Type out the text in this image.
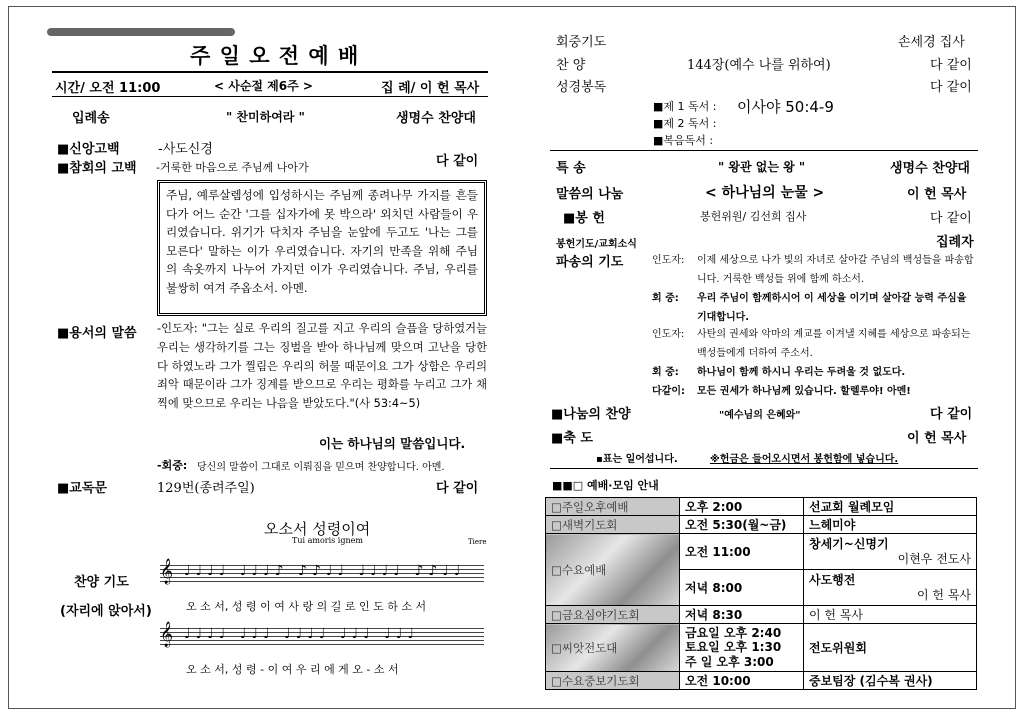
주 일 오 전 예 배
시간/ 오전 11:00	< 사순절 제6주 >	집 례/ 이 헌 목사
입례송	" 찬미하여라 "	생명수 찬양대
■신앙고백	-사도신경
■참회의 고백 -거룩한 마음으로 주님께 나아가	다 같이
주님, 예루살렘성에 입성하시는 주님께 종려나무 가지를 흔들다가 어느 순간 '그를 십자가에 못 박으라' 외치던 사람들이 우리였습니다. 위기가 닥치자 주님을 눈앞에 두고도 '나는 그를 모른다' 말하는 이가 우리였습니다. 자기의 만족을 위해 주님의 속옷까지 나누어 가지던 이가 우리였습니다. 주님, 우리를 불쌍히 여겨 주옵소서. 아멘.
■용서의 말씀 -인도자: "그는 실로 우리의 질고를 지고 우리의 슬픔을 당하였거늘 우리는 생각하기를 그는 징벌을 받아 하나님께 맞으며 고난을 당한다 하였노라 그가 찔림은 우리의 허물 때문이요 그가 상함은 우리의 죄악 때문이라 그가 징계를 받으므로 우리는 평화를 누리고 그가 채찍에 맞으므로 우리는 나음을 받았도다."(사 53:4~5)
이는 하나님의 말씀입니다.
-회중: 당신의 말씀이 그대로 이뤄짐을 믿으며 찬양합니다. 아멘.
■교독문	129번(종려주일)	다 같이
오소서 성령이여
Tui amoris ignem	Tiere
𝄞 ♩♩♩♩ ♩♩♩♪ ♪♪♩♩ ♩♩♩♩ ♪♪♩♩
오 소 서, 성 령 이 여 사 랑 의 길 로 인 도 하 소 서
𝄞 ♩♩♩♩ ♩♩♩ ♩♩♩♩ ♩♩♩ ♩♩♩
오 소 서, 성 령 - 이 여 우 리 에 게 오 - 소 서
찬양 기도
(자리에 앉아서)
회중기도	손세경 집사
찬 양	144장(예수 나를 위하여)	다 같이
성경봉독	다 같이
■제 1 독서 : 이사야 50:4-9
■제 2 독서 :
■복음독서 :
특 송	" 왕관 없는 왕 "	생명수 찬양대
말씀의 나눔	< 하나님의 눈물 >	이 헌 목사
■봉 헌	봉헌위원/ 김선희 집사	다 같이
봉헌기도/교회소식	집례자
파송의 기도	인도자: 이제 세상으로 나가 빛의 자녀로 살아갈 주님의 백성들을 파송합니다. 거룩한 백성들 위에 함께 하소서.
회 중: 우리 주님이 함께하시어 이 세상을 이기며 살아갈 능력 주심을 기대합니다.
인도자: 사탄의 권세와 악마의 계교를 이겨낼 지혜를 세상으로 파송되는 백성들에게 더하여 주소서.
회 중: 하나님이 함께 하시니 우리는 두려울 것 없도다.
다같이: 모든 권세가 하나님께 있습니다. 할렐루야! 아멘!
■나눔의 찬양	"예수님의 은혜와"	다 같이
■축 도	이 헌 목사
▪표는 일어섭니다.	※헌금은 들어오시면서 봉헌함에 넣습니다.
■■□ 예배·모임 안내
□주일오후예배	오후 2:00	선교회 월례모임
□새벽기도회	오전 5:30(월~금)	느헤미야
□수요예배	오전 11:00	창세기~신명기
이현우 전도사

	저녁 8:00	사도행전
이 헌 목사

□금요심야기도회	저녁 8:30	이 헌 목사
□씨앗전도대	금요일 오후 2:40
토요일 오후 1:30
주 일 오후 3:00	전도위원회
□수요중보기도회	오전 10:00	중보팀장 (김수복 권사)
